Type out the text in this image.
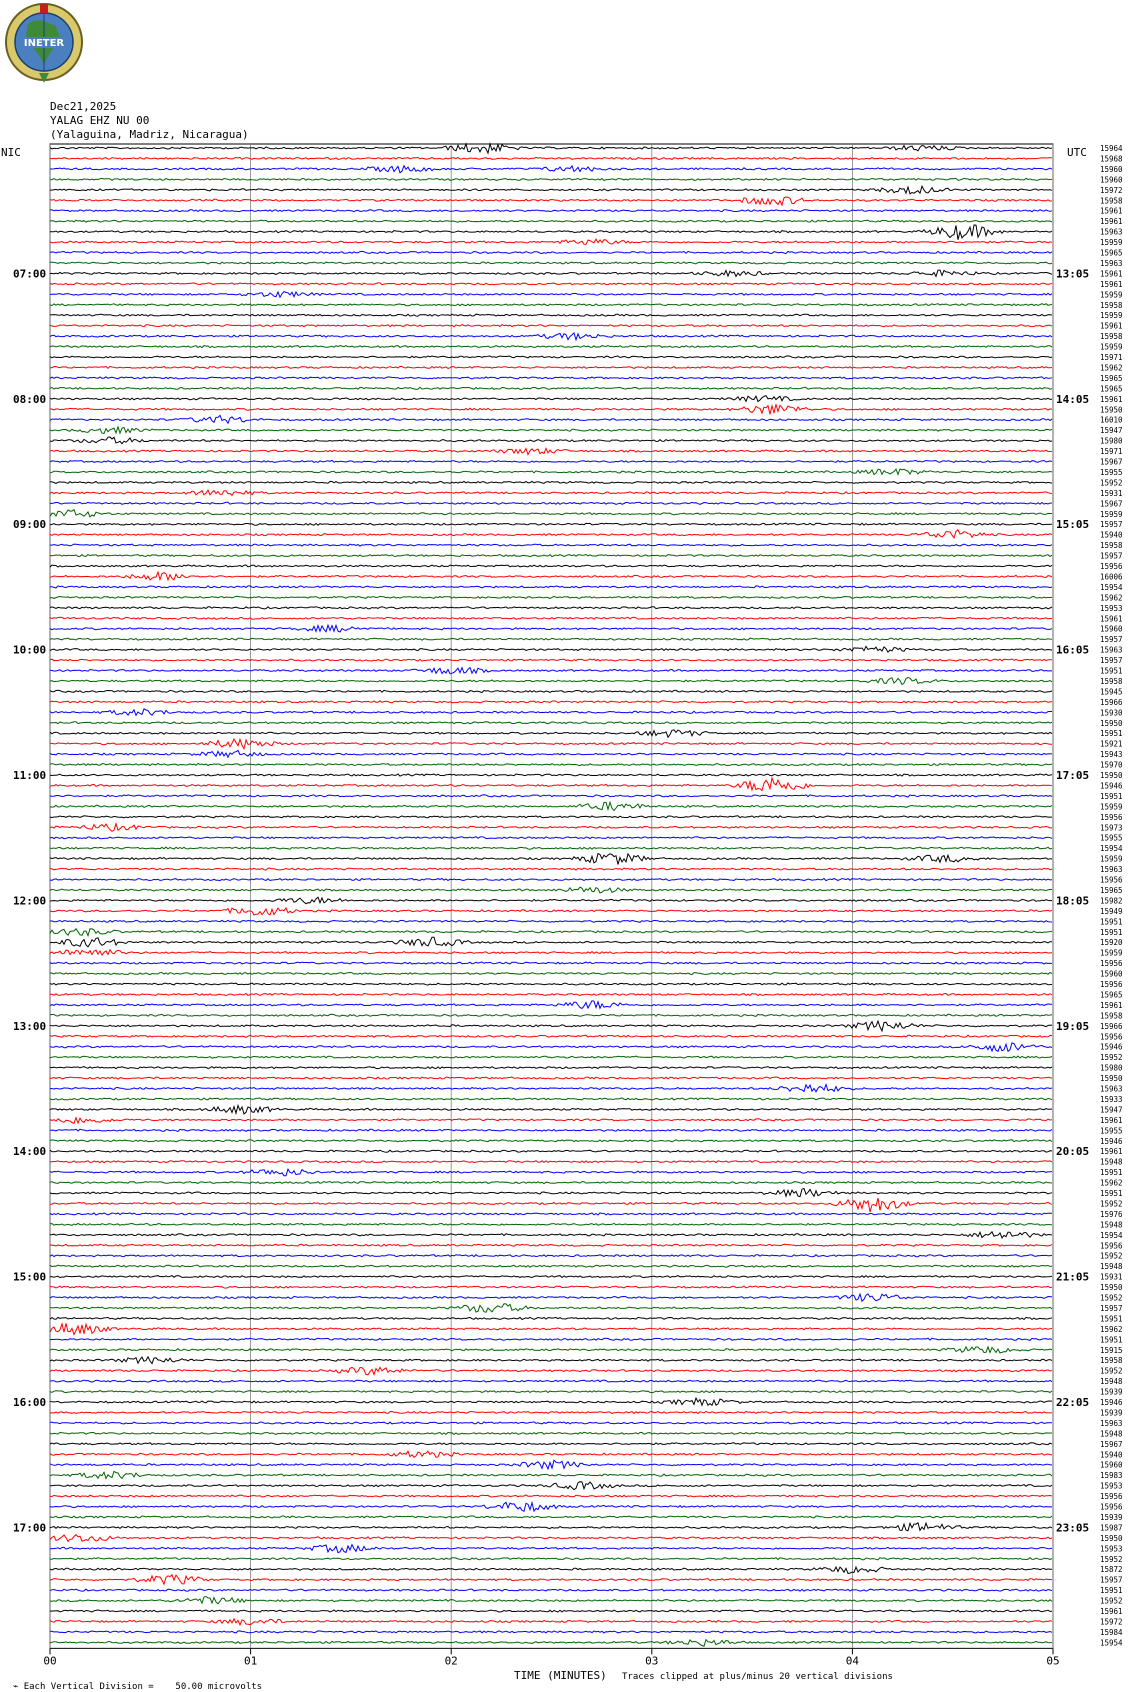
INETER
Dec21,2025
YALAG EHZ NU 00
(Yalaguina, Madriz, Nicaragua)
NIC	UTC
00	01	02	03	04	05
15964
15968
15960
15960
15972
15958
15961
15961
15963
15959
15965
15963
15961
15961
15959
15958
15959
15961
15958
15959
15971
15962
15965
15965
15961
15950
16010
15947
15980
15971
15967
15955
15952
15931
15967
15959
15957
15940
15958
15957
15956
16006
15954
15962
15953
15961
15960
15957
15963
15957
15951
15958
15945
15966
15930
15950
15951
15921
15943
15970
15950
15946
15951
15959
15956
15973
15955
15954
15959
15963
15956
15965
15982
15949
15951
15951
15920
15959
15956
15960
15956
15965
15961
15958
15966
15956
15946
15952
15980
15950
15963
15933
15947
15961
15955
15946
15961
15948
15951
15962
15951
15952
15976
15948
15954
15956
15952
15948
15931
15950
15952
15957
15951
15962
15951
15915
15958
15952
15948
15939
15946
15939
15963
15948
15967
15940
15960
15983
15953
15956
15956
15939
15987
15950
15953
15952
15872
15957
15951
15952
15961
15972
15984
15954
07:00	13:05
08:00	14:05
09:00	15:05
10:00	16:05
11:00	17:05
12:00	18:05
13:00	19:05
14:00	20:05
15:00	21:05
16:00	22:05
17:00	23:05

⌁ Each Vertical Division =    50.00 microvolts

TIME (MINUTES) Traces clipped at plus/minus 20 vertical divisions
